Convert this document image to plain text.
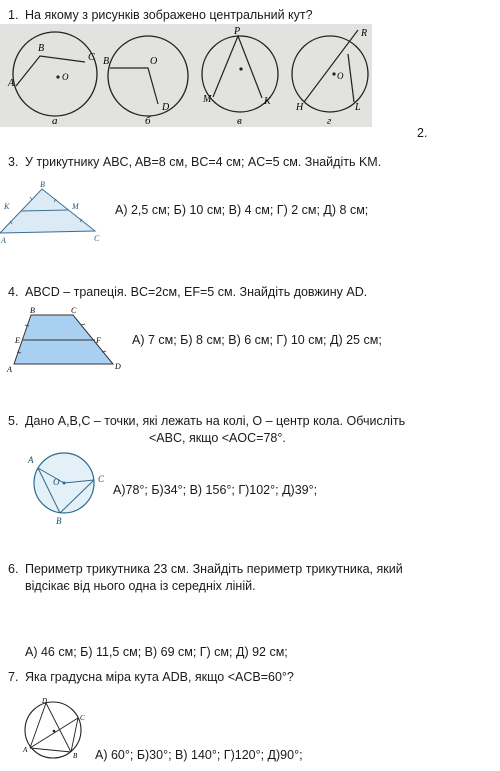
1. На якому з рисунків зображено центральний кут?
A
B
C
O
а
B	O
D
б
P
M	K
в
R
O
H	L
г
2.
3. У трикутнику ABC, AB=8 см, BC=4 см; AC=5 см. Знайдіть KM.
B
K	M
A	C
А) 2,5 см; Б) 10 см; В) 4 см; Г) 2 см; Д) 8 см;
4. ABCD – трапеція. BC=2см, EF=5 см. Знайдіть довжину AD.
B	C
E	F
A	D
А) 7 см; Б) 8 см; В) 6 см; Г) 10 см; Д) 25 см;
5. Дано A,B,C – точки, які лежать на колі, O – центр кола. Обчисліть
<ABC, якщо <AOC=78°.
A
O	C
B
А)78°; Б)34°; В) 156°; Г)102°; Д)39°;
6. Периметр трикутника 23 см. Знайдіть периметр трикутника, який
відсікає від нього одна із середніх ліній.
А) 46 см; Б) 11,5 см; В) 69 см; Г) см; Д) 92 см;
7. Яка градусна міра кута ADB, якщо <ACB=60°?
D
C
A
B А) 60°; Б)30°; В) 140°; Г)120°; Д)90°;
